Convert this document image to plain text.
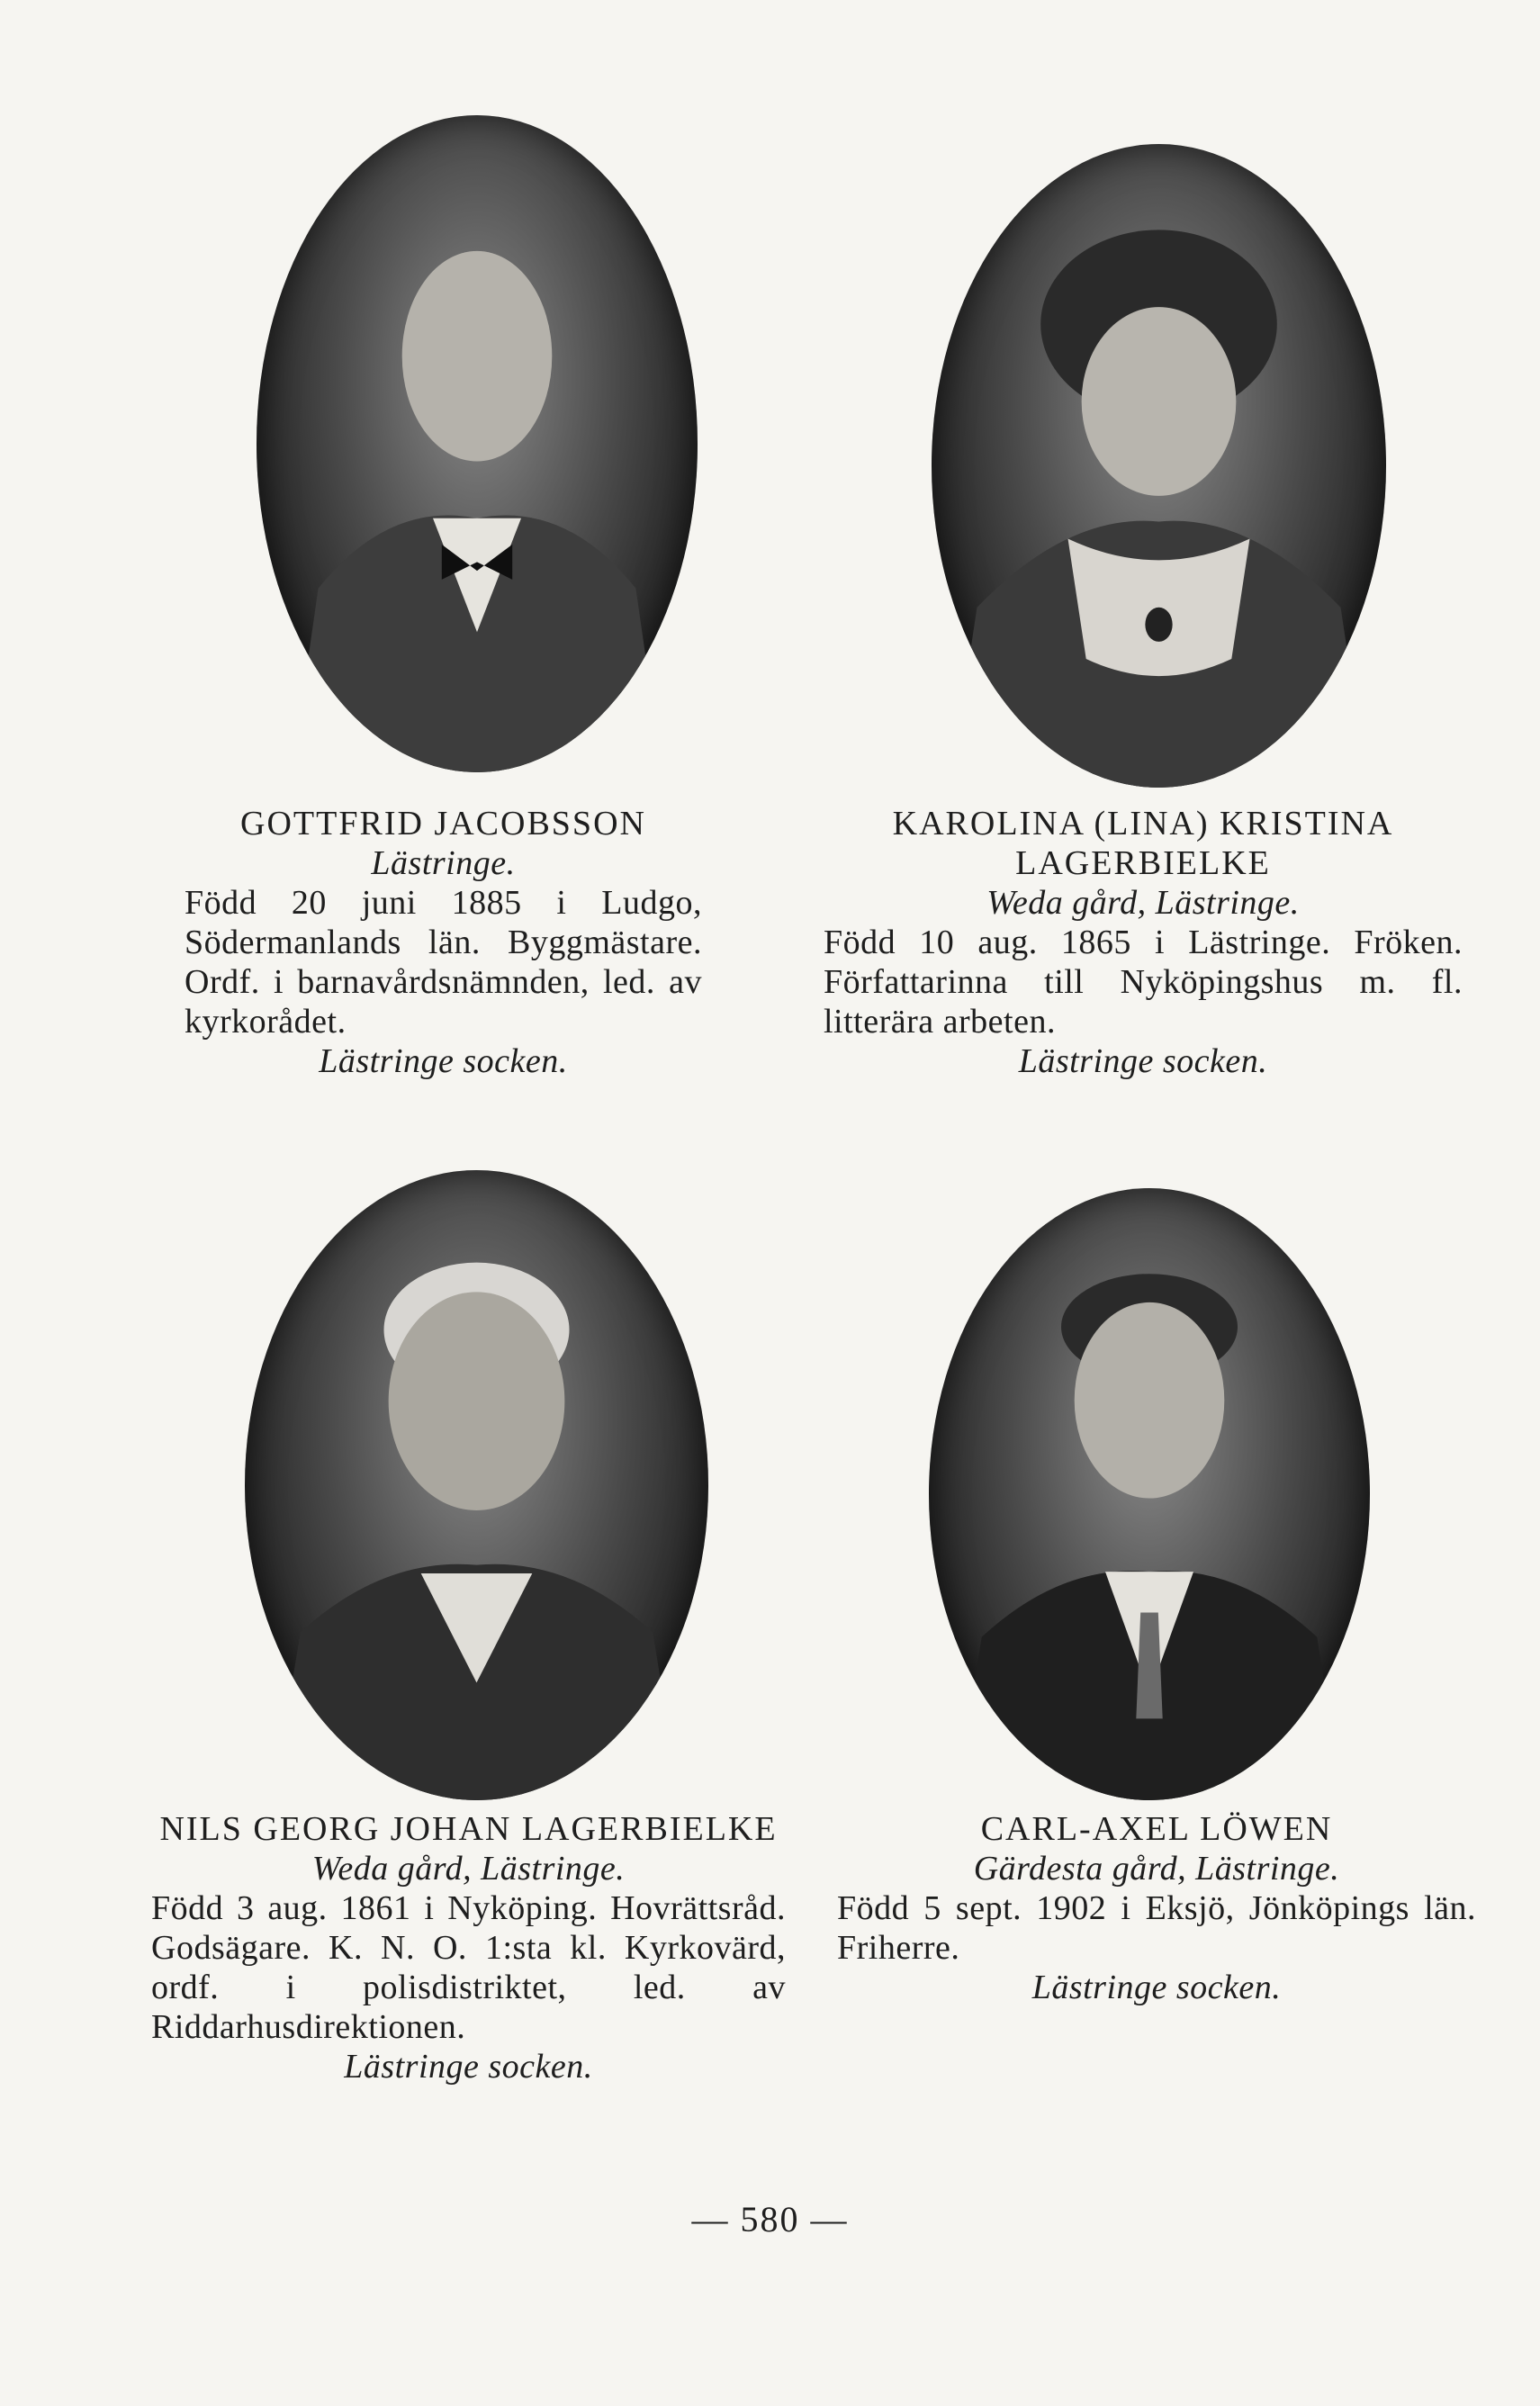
GOTTFRID JACOBSSON
Lästringe.
Född 20 juni 1885 i Ludgo, Södermanlands län. Byggmästare. Ordf. i barnavårdsnämnden, led. av kyrkorådet.
Lästringe socken.
KAROLINA (LINA) KRISTINA LAGERBIELKE
Weda gård, Lästringe.
Född 10 aug. 1865 i Lästringe. Fröken. Författarinna till Nyköpingshus m. fl. litterära arbeten.
Lästringe socken.
NILS GEORG JOHAN LAGERBIELKE
Weda gård, Lästringe.
Född 3 aug. 1861 i Nyköping. Hovrättsråd. Godsägare. K. N. O. 1:sta kl. Kyrkovärd, ordf. i polisdistriktet, led. av Riddarhusdirektionen.
Lästringe socken.
CARL-AXEL LÖWEN
Gärdesta gård, Lästringe.
Född 5 sept. 1902 i Eksjö, Jönköpings län. Friherre.
Lästringe socken.
— 580 —
